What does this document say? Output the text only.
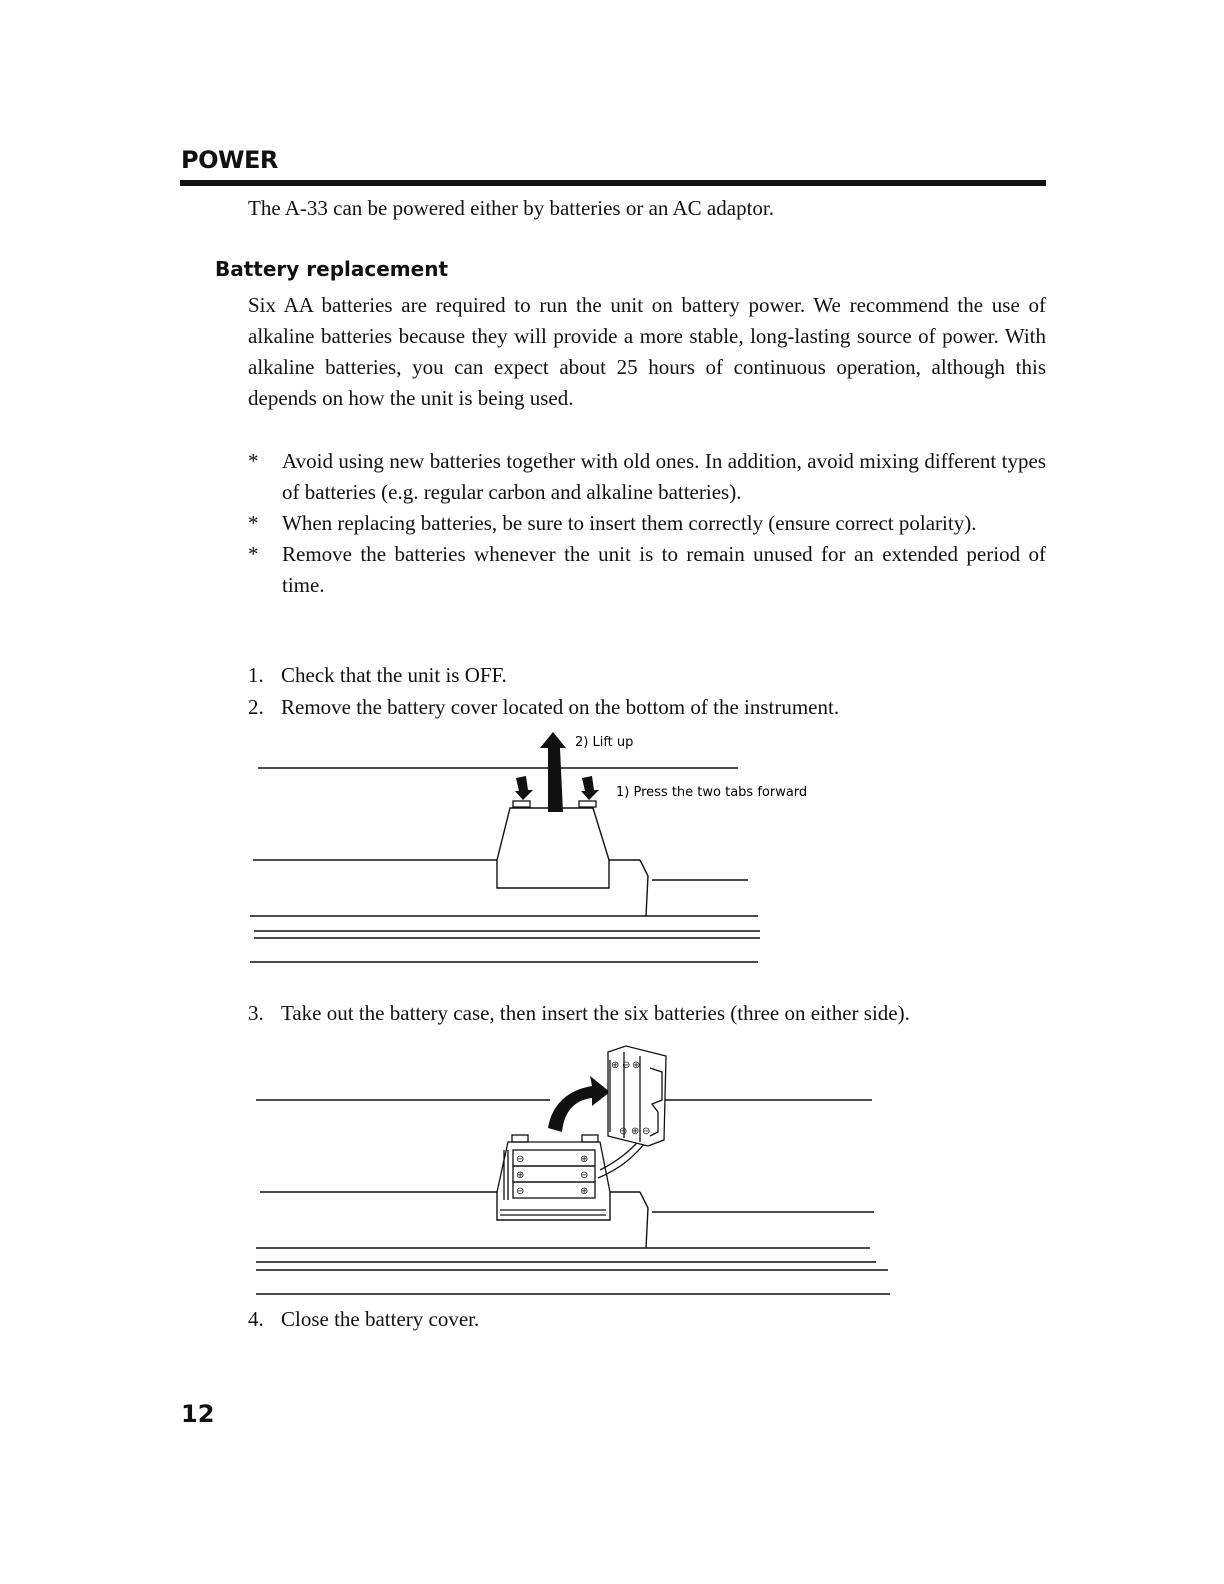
POWER
The A-33 can be powered either by batteries or an AC adaptor.
Battery replacement
Six AA batteries are required to run the unit on battery power. We recommend the use of alkaline batteries because they will provide a more stable, long-lasting source of power. With alkaline batteries, you can expect about 25 hours of continuous operation, although this depends on how the unit is being used.
* Avoid using new batteries together with old ones. In addition, avoid mixing different types of batteries (e.g. regular carbon and alkaline batteries).
* When replacing batteries, be sure to insert them correctly (ensure correct polarity).
* Remove the batteries whenever the unit is to remain unused for an extended period of time.
1. Check that the unit is OFF.
2. Remove the battery cover located on the bottom of the instrument.
2) Lift up
1) Press the two tabs forward
3. Take out the battery case, then insert the six batteries (three on either side).
⊖	⊕
⊕	⊖
⊖	⊕
⊕ ⊖ ⊕
⊖ ⊕ ⊖
4. Close the battery cover.
12
